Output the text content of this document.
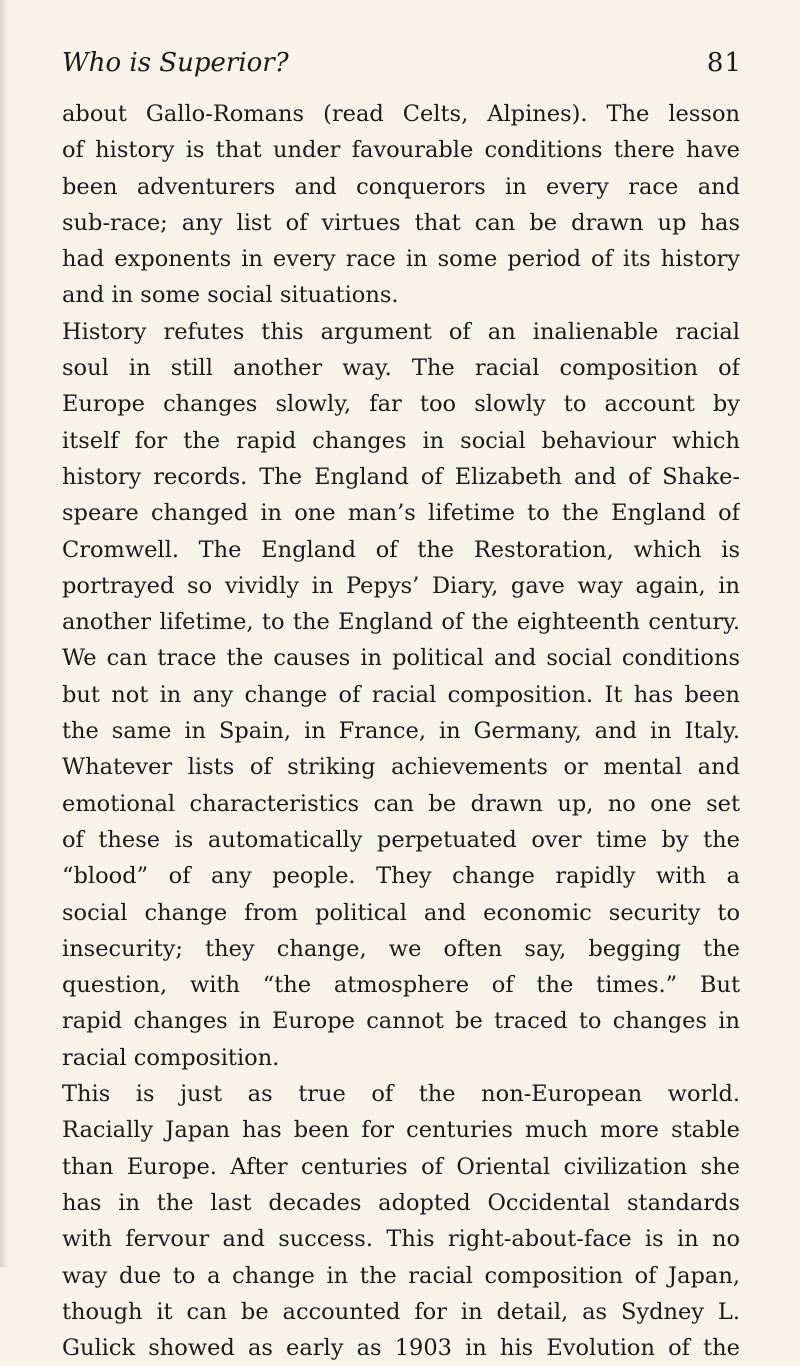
Who is Superior?	81
about Gallo-Romans (read Celts, Alpines). The lesson
of history is that under favourable conditions there have
been adventurers and conquerors in every race and
sub-race; any list of virtues that can be drawn up has
had exponents in every race in some period of its history
and in some social situations.
History refutes this argument of an inalienable racial
soul in still another way. The racial composition of
Europe changes slowly, far too slowly to account by
itself for the rapid changes in social behaviour which
history records. The England of Elizabeth and of Shake-
speare changed in one man’s lifetime to the England of
Cromwell. The England of the Restoration, which is
portrayed so vividly in Pepys’ Diary, gave way again, in
another lifetime, to the England of the eighteenth century.
We can trace the causes in political and social conditions
but not in any change of racial composition. It has been
the same in Spain, in France, in Germany, and in Italy.
Whatever lists of striking achievements or mental and
emotional characteristics can be drawn up, no one set
of these is automatically perpetuated over time by the
“blood” of any people. They change rapidly with a
social change from political and economic security to
insecurity; they change, we often say, begging the
question, with “the atmosphere of the times.” But
rapid changes in Europe cannot be traced to changes in
racial composition.
This is just as true of the non-European world.
Racially Japan has been for centuries much more stable
than Europe. After centuries of Oriental civilization she
has in the last decades adopted Occidental standards
with fervour and success. This right-about-face is in no
way due to a change in the racial composition of Japan,
though it can be accounted for in detail, as Sydney L.
Gulick showed as early as 1903 in his Evolution of the
